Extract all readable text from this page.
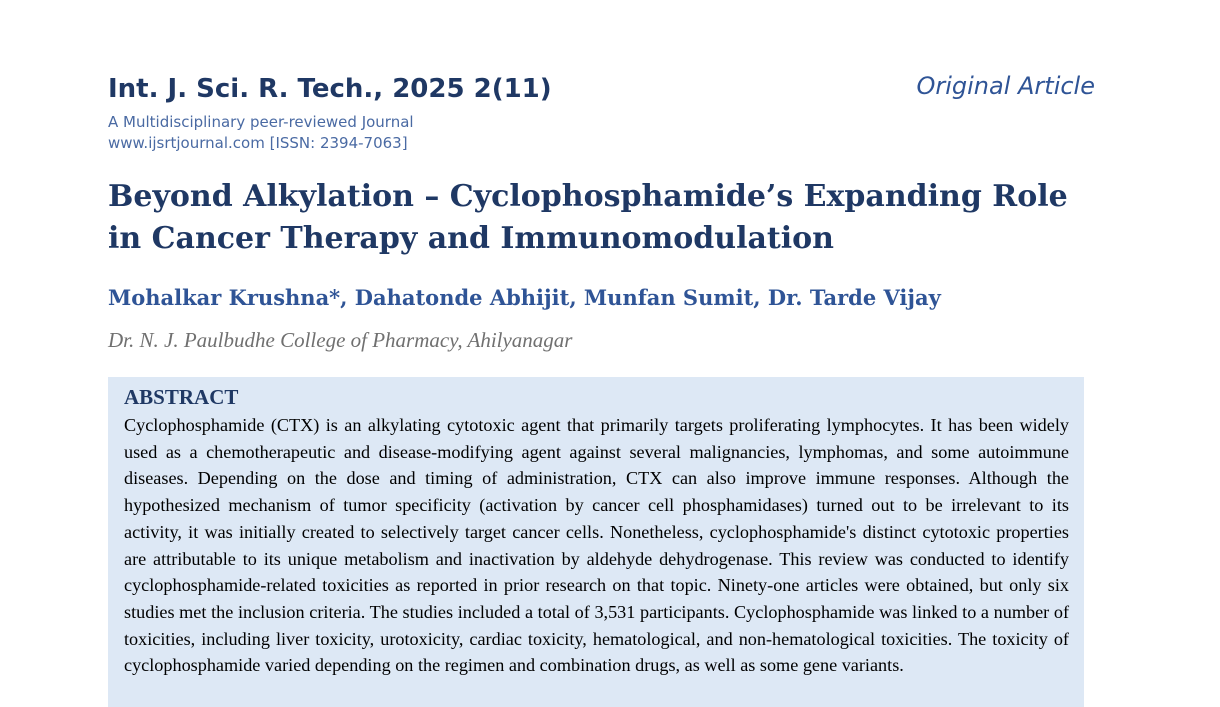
Int. J. Sci. R. Tech., 2025 2(11)
A Multidisciplinary peer-reviewed Journal
www.ijsrtjournal.com [ISSN: 2394-7063]
Original Article
Beyond Alkylation – Cyclophosphamide’s Expanding Role in Cancer Therapy and Immunomodulation
Mohalkar Krushna*, Dahatonde Abhijit, Munfan Sumit, Dr. Tarde Vijay
Dr. N. J. Paulbudhe College of Pharmacy, Ahilyanagar
ABSTRACT
Cyclophosphamide (CTX) is an alkylating cytotoxic agent that primarily targets proliferating lymphocytes. It has been widely used as a chemotherapeutic and disease-modifying agent against several malignancies, lymphomas, and some autoimmune diseases. Depending on the dose and timing of administration, CTX can also improve immune responses. Although the hypothesized mechanism of tumor specificity (activation by cancer cell phosphamidases) turned out to be irrelevant to its activity, it was initially created to selectively target cancer cells. Nonetheless, cyclophosphamide's distinct cytotoxic properties are attributable to its unique metabolism and inactivation by aldehyde dehydrogenase. This review was conducted to identify cyclophosphamide-related toxicities as reported in prior research on that topic. Ninety-one articles were obtained, but only six studies met the inclusion criteria. The studies included a total of 3,531 participants. Cyclophosphamide was linked to a number of toxicities, including liver toxicity, urotoxicity, cardiac toxicity, hematological, and non-hematological toxicities. The toxicity of cyclophosphamide varied depending on the regimen and combination drugs, as well as some gene variants.
